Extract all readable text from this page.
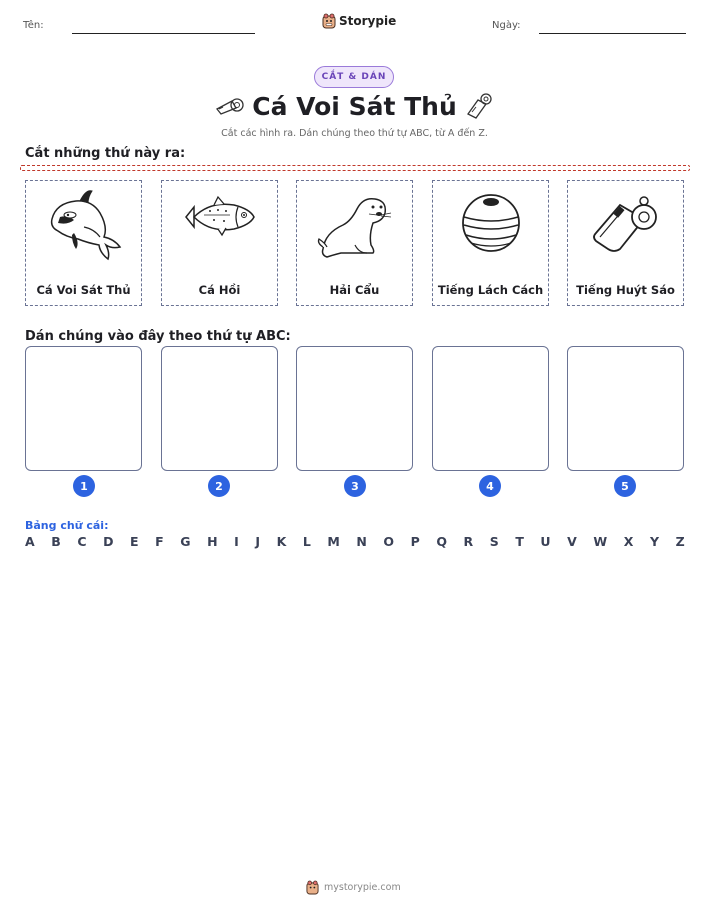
Tên:	Storypie	Ngày:
CẮT & DÁN
Cá Voi Sát Thủ
Cắt các hình ra. Dán chúng theo thứ tự ABC, từ A đến Z.
Cắt những thứ này ra:
Cá Voi Sát Thủ	Cá Hồi	Hải Cẩu	Tiếng Lách Cách	Tiếng Huýt Sáo
Dán chúng vào đây theo thứ tự ABC:
1	2	3	4	5
Bảng chữ cái:
A B C D E F G H I J K L M N O P Q R S T U V W X Y Z
mystorypie.com
